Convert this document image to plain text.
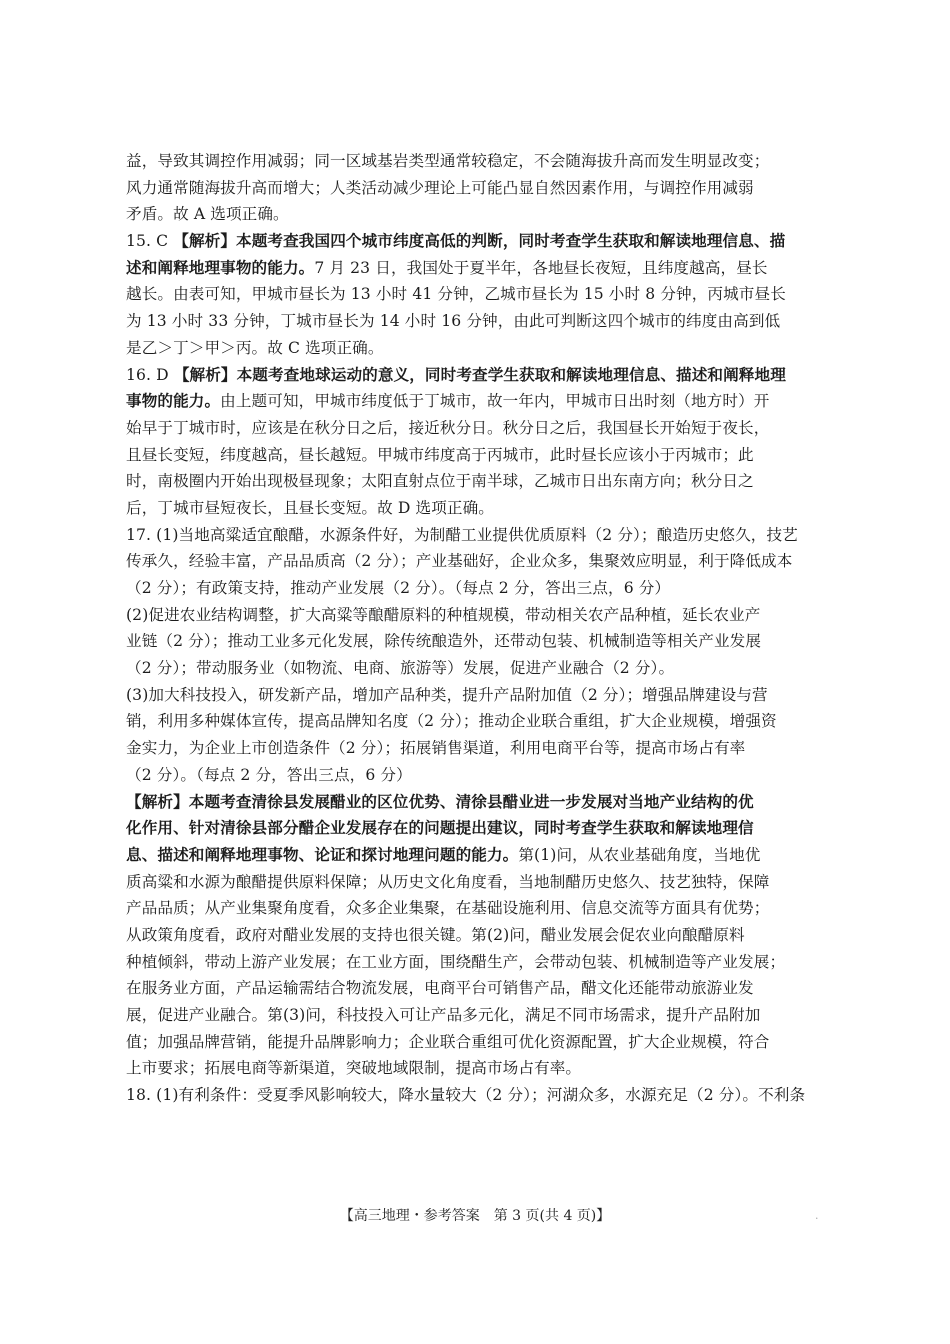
益，导致其调控作用减弱；同一区域基岩类型通常较稳定，不会随海拔升高而发生明显改变；
风力通常随海拔升高而增大；人类活动减少理论上可能凸显自然因素作用，与调控作用减弱
矛盾。故 A 选项正确。
15. C 【解析】本题考查我国四个城市纬度高低的判断，同时考查学生获取和解读地理信息、描
述和阐释地理事物的能力。7 月 23 日，我国处于夏半年，各地昼长夜短，且纬度越高，昼长
越长。由表可知，甲城市昼长为 13 小时 41 分钟，乙城市昼长为 15 小时 8 分钟，丙城市昼长
为 13 小时 33 分钟，丁城市昼长为 14 小时 16 分钟，由此可判断这四个城市的纬度由高到低
是乙＞丁＞甲＞丙。故 C 选项正确。
16. D 【解析】本题考查地球运动的意义，同时考查学生获取和解读地理信息、描述和阐释地理
事物的能力。由上题可知，甲城市纬度低于丁城市，故一年内，甲城市日出时刻（地方时）开
始早于丁城市时，应该是在秋分日之后，接近秋分日。秋分日之后，我国昼长开始短于夜长，
且昼长变短，纬度越高，昼长越短。甲城市纬度高于丙城市，此时昼长应该小于丙城市；此
时，南极圈内开始出现极昼现象；太阳直射点位于南半球，乙城市日出东南方向；秋分日之
后，丁城市昼短夜长，且昼长变短。故 D 选项正确。
17. (1)当地高粱适宜酿醋，水源条件好，为制醋工业提供优质原料（2 分）；酿造历史悠久，技艺
传承久，经验丰富，产品品质高（2 分）；产业基础好，企业众多，集聚效应明显，利于降低成本
（2 分）；有政策支持，推动产业发展（2 分）。（每点 2 分，答出三点，6 分）
(2)促进农业结构调整，扩大高粱等酿醋原料的种植规模，带动相关农产品种植，延长农业产
业链（2 分）；推动工业多元化发展，除传统酿造外，还带动包装、机械制造等相关产业发展
（2 分）；带动服务业（如物流、电商、旅游等）发展，促进产业融合（2 分）。
(3)加大科技投入，研发新产品，增加产品种类，提升产品附加值（2 分）；增强品牌建设与营
销，利用多种媒体宣传，提高品牌知名度（2 分）；推动企业联合重组，扩大企业规模，增强资
金实力，为企业上市创造条件（2 分）；拓展销售渠道，利用电商平台等，提高市场占有率
（2 分）。（每点 2 分，答出三点，6 分）
【解析】本题考查清徐县发展醋业的区位优势、清徐县醋业进一步发展对当地产业结构的优
化作用、针对清徐县部分醋企业发展存在的问题提出建议，同时考查学生获取和解读地理信
息、描述和阐释地理事物、论证和探讨地理问题的能力。第(1)问，从农业基础角度，当地优
质高粱和水源为酿醋提供原料保障；从历史文化角度看，当地制醋历史悠久、技艺独特，保障
产品品质；从产业集聚角度看，众多企业集聚，在基础设施利用、信息交流等方面具有优势；
从政策角度看，政府对醋业发展的支持也很关键。第(2)问，醋业发展会促农业向酿醋原料
种植倾斜，带动上游产业发展；在工业方面，围绕醋生产，会带动包装、机械制造等产业发展；
在服务业方面，产品运输需结合物流发展，电商平台可销售产品，醋文化还能带动旅游业发
展，促进产业融合。第(3)问，科技投入可让产品多元化，满足不同市场需求，提升产品附加
值；加强品牌营销，能提升品牌影响力；企业联合重组可优化资源配置，扩大企业规模，符合
上市要求；拓展电商等新渠道，突破地域限制，提高市场占有率。
18. (1)有利条件：受夏季风影响较大，降水量较大（2 分）；河湖众多，水源充足（2 分）。不利条
【高三地理・参考答案　第 3 页(共 4 页)】	·
